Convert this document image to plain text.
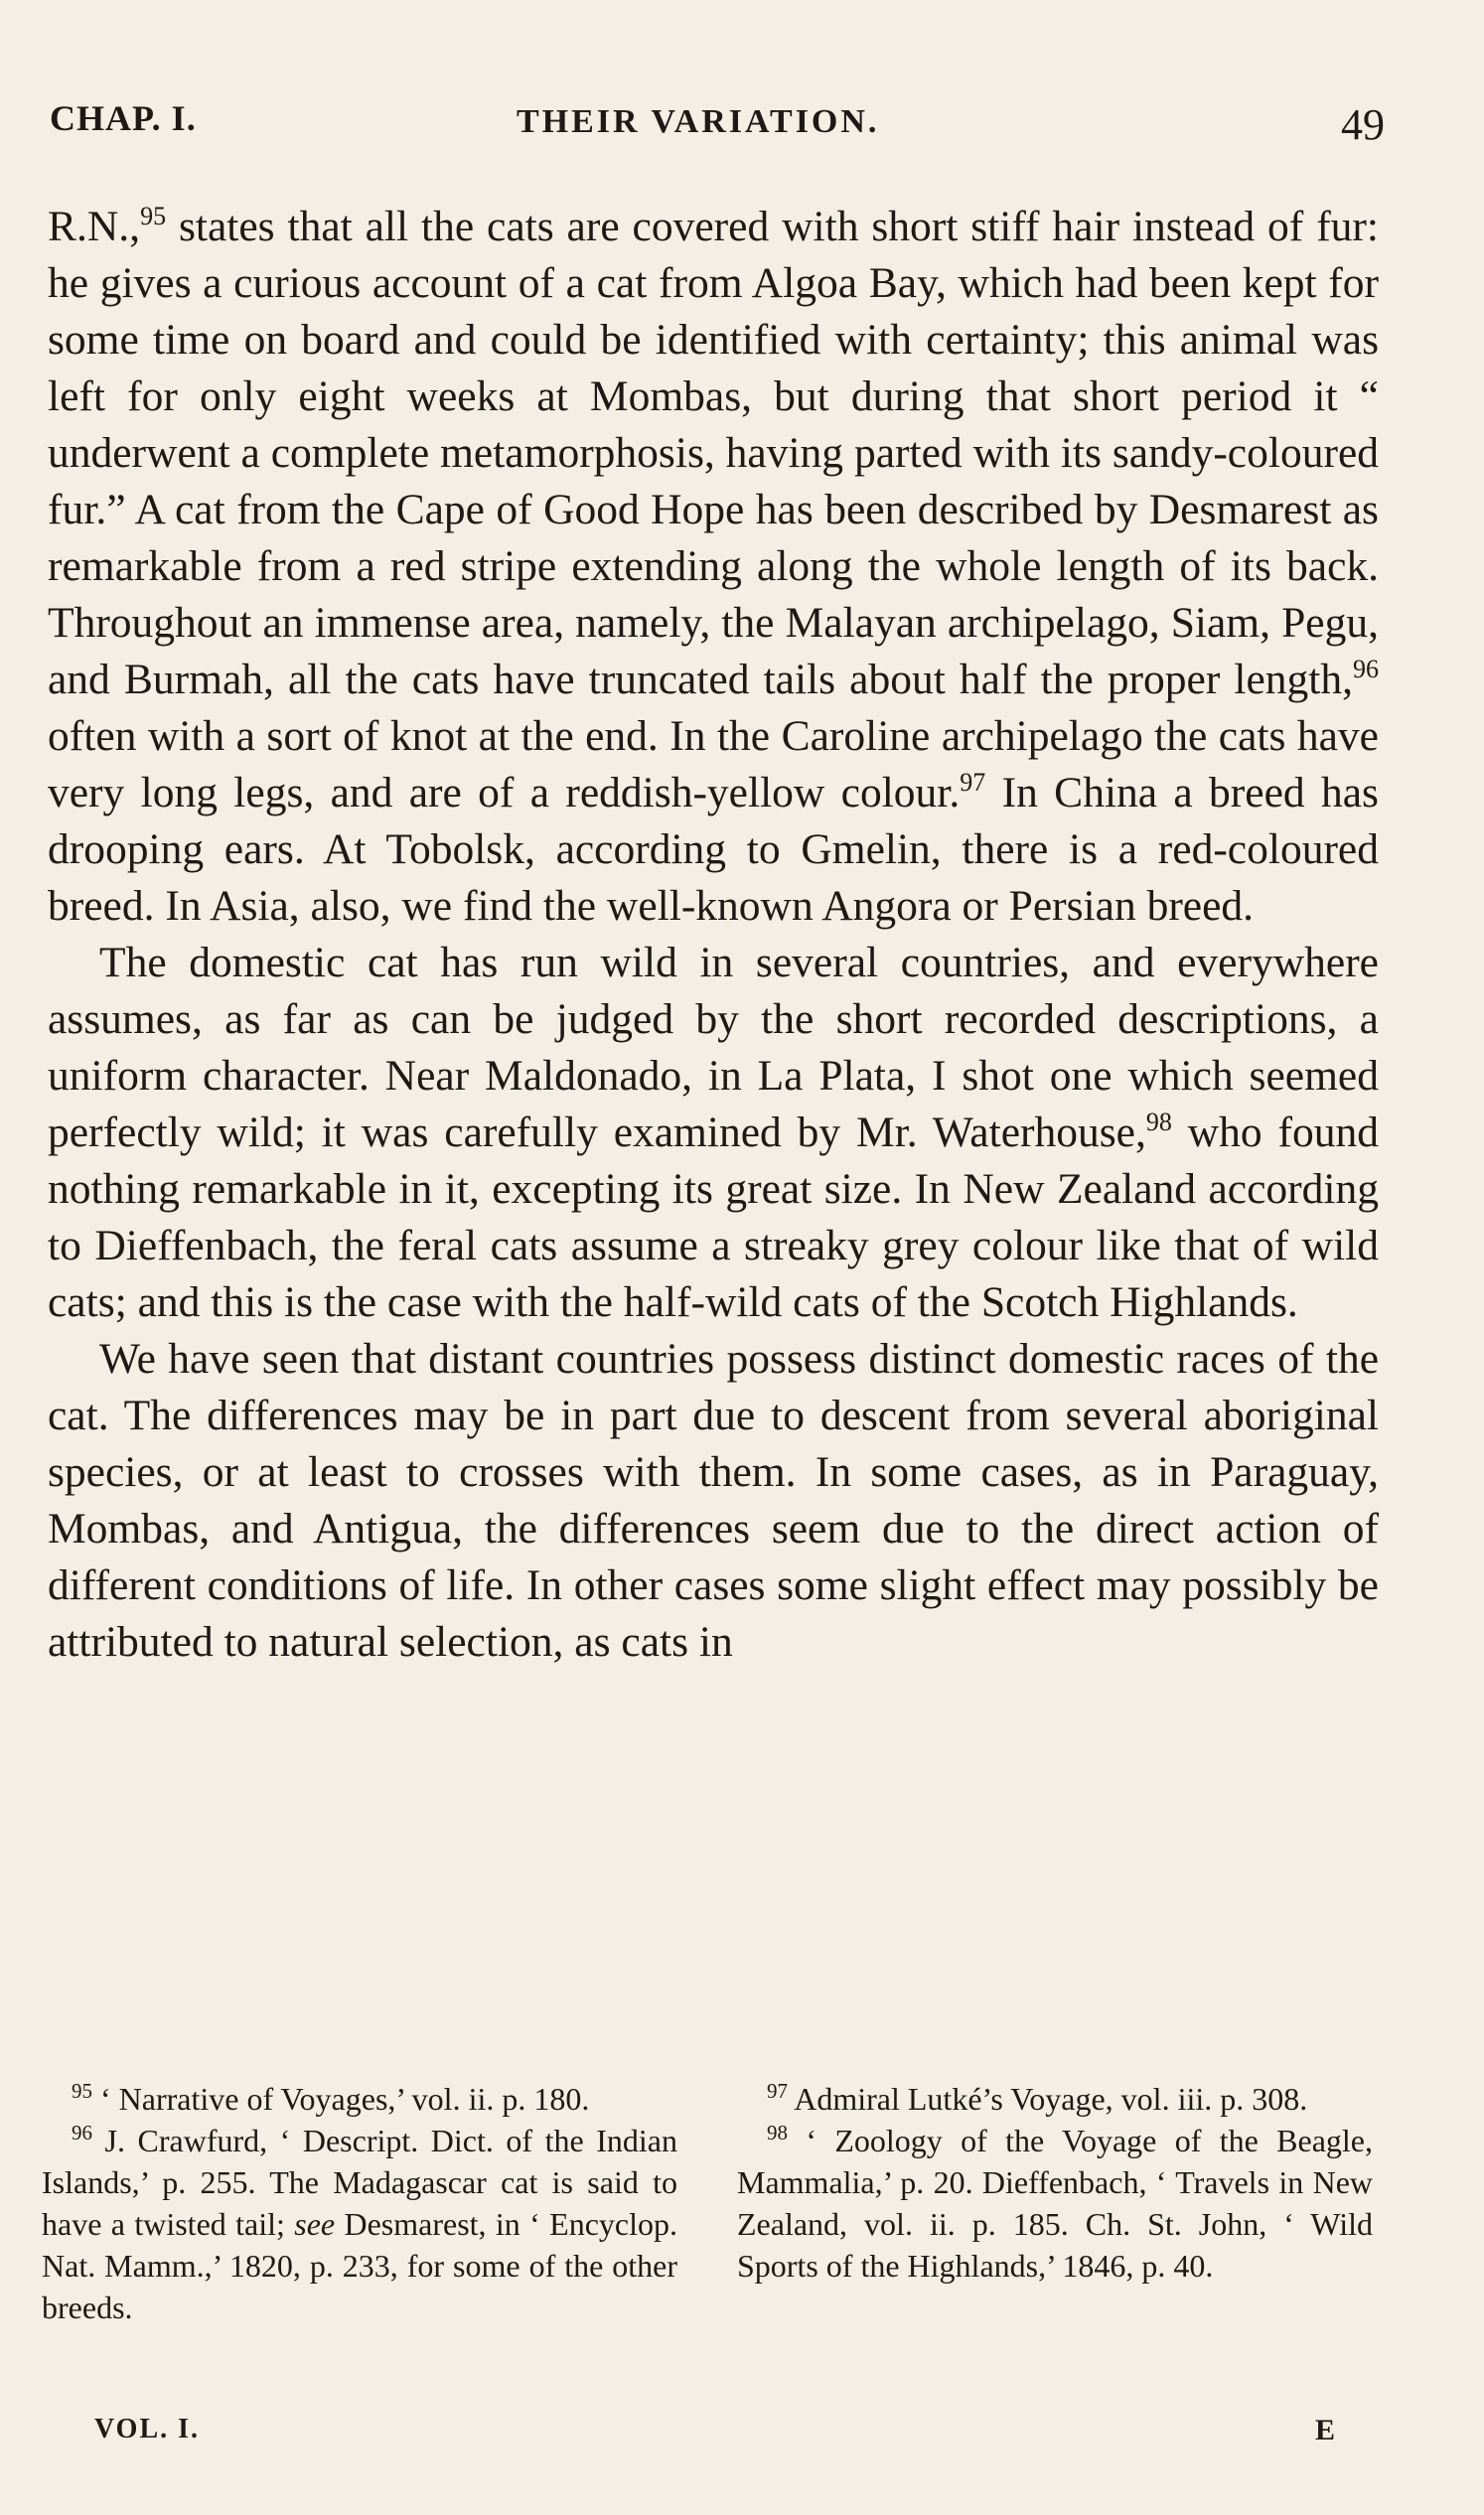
CHAP. I.	THEIR VARIATION.	49

R.N.,$^{95}$ states that all the cats are covered with short stiff hair instead of fur: he gives a curious account of a cat from Algoa Bay, which had been kept for some time on board and could be identified with certainty; this animal was left for only eight weeks at Mombas, but during that short period it “ underwent a complete metamorphosis, having parted with its sandy-coloured fur.” A cat from the Cape of Good Hope has been described by Desmarest as remarkable from a red stripe extending along the whole length of its back. Throughout an immense area, namely, the Malayan archipelago, Siam, Pegu, and Burmah, all the cats have truncated tails about half the proper length,$^{96}$ often with a sort of knot at the end. In the Caroline archipelago the cats have very long legs, and are of a reddish-yellow colour.$^{97}$ In China a breed has drooping ears. At Tobolsk, according to Gmelin, there is a red-coloured breed. In Asia, also, we find the well-known Angora or Persian breed.

The domestic cat has run wild in several countries, and everywhere assumes, as far as can be judged by the short recorded descriptions, a uniform character. Near Maldonado, in La Plata, I shot one which seemed perfectly wild; it was carefully examined by Mr. Waterhouse,$^{98}$ who found nothing remarkable in it, excepting its great size. In New Zealand according to Dieffenbach, the feral cats assume a streaky grey colour like that of wild cats; and this is the case with the half-wild cats of the Scotch Highlands.

We have seen that distant countries possess distinct domestic races of the cat. The differences may be in part due to descent from several aboriginal species, or at least to crosses with them. In some cases, as in Paraguay, Mombas, and Antigua, the differences seem due to the direct action of different conditions of life. In other cases some slight effect may possibly be attributed to natural selection, as cats in

$^{95}$ ‘ Narrative of Voyages,’ vol. ii. p. 180.

$^{96}$ J. Crawfurd, ‘ Descript. Dict. of the Indian Islands,’ p. 255. The Madagascar cat is said to have a twisted tail; see Desmarest, in ‘ Encyclop. Nat. Mamm.,’ 1820, p. 233, for some of the other breeds.

$^{97}$ Admiral Lutké’s Voyage, vol. iii. p. 308.

$^{98}$ ‘ Zoology of the Voyage of the Beagle, Mammalia,’ p. 20. Dieffenbach, ‘ Travels in New Zealand, vol. ii. p. 185. Ch. St. John, ‘ Wild Sports of the Highlands,’ 1846, p. 40.

VOL. I.	E
